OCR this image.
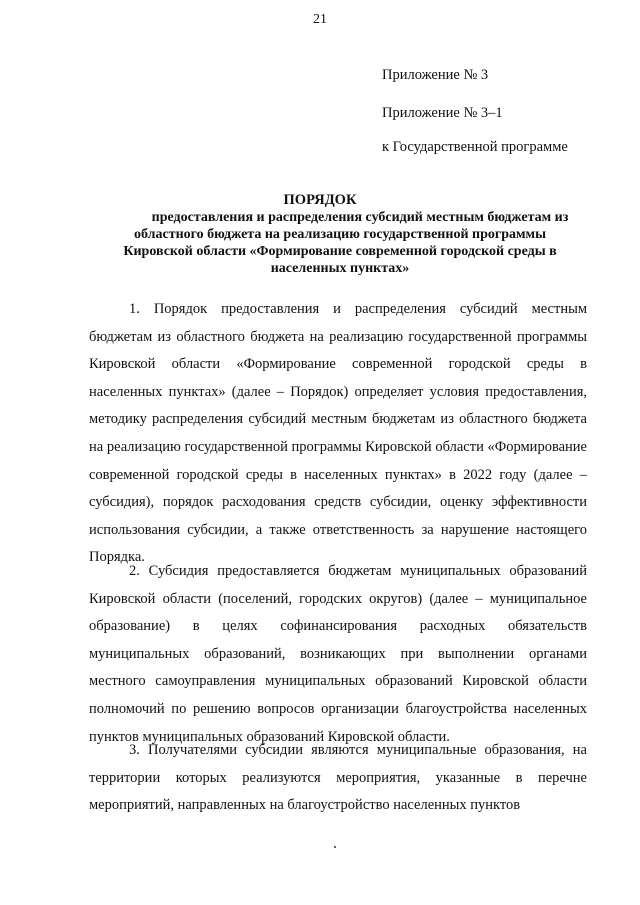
21
Приложение № 3
Приложение № 3–1
к Государственной программе
ПОРЯДОК
предоставления и распределения субсидий местным бюджетам из
областного бюджета на реализацию государственной программы
Кировской области «Формирование современной городской среды в
населенных пунктах»

1. Порядок предоставления и распределения субсидий местным бюджетам из областного бюджета на реализацию государственной программы Кировской области «Формирование современной городской среды в населенных пунктах» (далее – Порядок) определяет условия предоставления, методику распределения субсидий местным бюджетам из областного бюджета на реализацию государственной программы Кировской области «Формирование современной городской среды в населенных пунктах» в 2022 году (далее – субсидия), порядок расходования средств субсидии, оценку эффективности использования субсидии, а также ответственность за нарушение настоящего Порядка.

2. Субсидия предоставляется бюджетам муниципальных образований Кировской области (поселений, городских округов) (далее – муниципальное образование) в целях софинансирования расходных обязательств муниципальных образований, возникающих при выполнении органами местного самоуправления муниципальных образований Кировской области полномочий по решению вопросов организации благоустройства населенных пунктов муниципальных образований Кировской области.

3. Получателями субсидии являются муниципальные образования, на территории которых реализуются мероприятия, указанные в перечне мероприятий, направленных на благоустройство населенных пунктов
